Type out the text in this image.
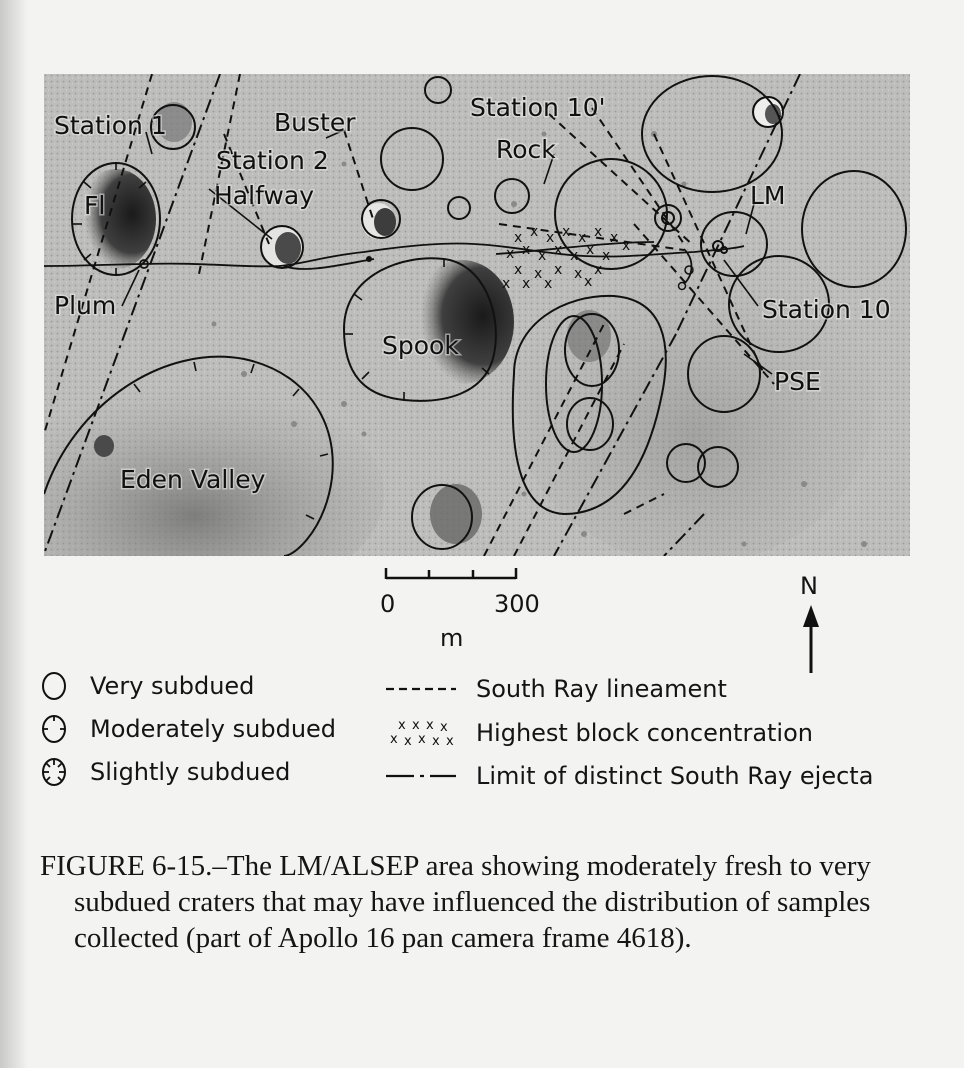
x x x x x x x x
x x x x x x x
x x x x x
x x x x
Station 1	Buster
Station 2
Halfway
Station 10'
Rock
Fl	LM
Station 10
Plum
Spook
PSE
Eden Valley
0	300
m
N
Very subdued
Moderately subdued
Slightly subdued
South Ray lineament
x x x x
x x x x x Highest block concentration
Limit of distinct South Ray ejecta

FIGURE 6-15.–The LM/ALSEP area showing moderately fresh to very subdued craters that may have influenced the distribution of samples collected (part of Apollo 16 pan camera frame 4618).
